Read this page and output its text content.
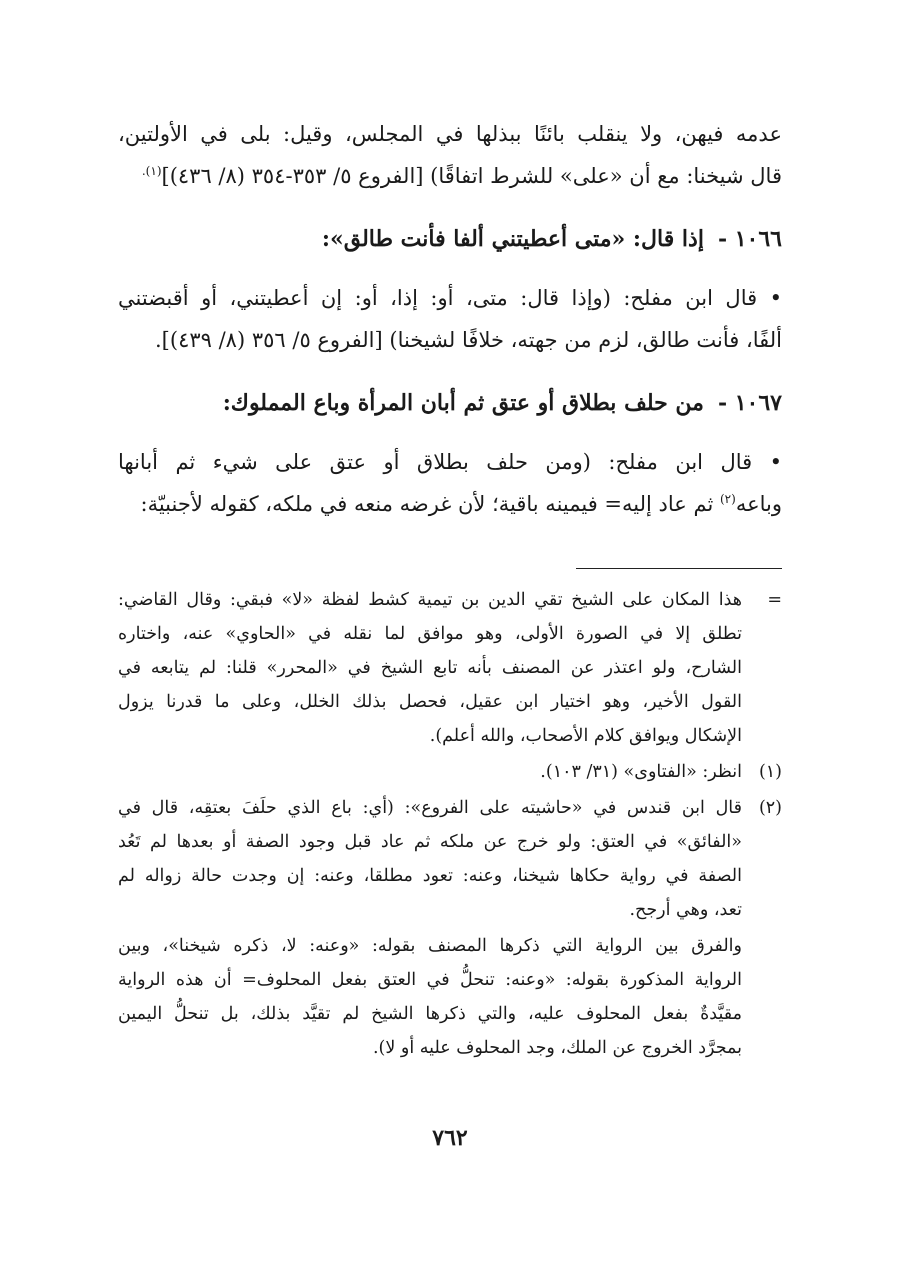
عدمه فيهن، ولا ينقلب بائنًا ببذلها في المجلس، وقيل: بلى في الأولتين،
قال شيخنا: مع أن «على» للشرط اتفاقًا) [الفروع ٥/ ٣٥٣-٣٥٤ (٨/ ٤٣٦)]$^{(١).}$
١٠٦٦ -إذا قال: «متى أعطيتني ألفا فأنت طالق»:
• قال ابن مفلح: (وإذا قال: متى، أو: إذا، أو: إن أعطيتني، أو أقبضتني
ألفًا، فأنت طالق، لزم من جهته، خلافًا لشيخنا) [الفروع ٥/ ٣٥٦ (٨/ ٤٣٩)].
١٠٦٧ -من حلف بطلاق أو عتق ثم أبان المرأة وباع المملوك:
• قال ابن مفلح: (ومن حلف بطلاق أو عتق على شيء ثم أبانها
وباعه$^{(٢)}$ ثم عاد إليه= فيمينه باقية؛ لأن غرضه منعه في ملكه، كقوله لأجنبيّة:
=
هذا المكان على الشيخ تقي الدين بن تيمية كشط لفظة «لا» فبقي: وقال القاضي:
تطلق إلا في الصورة الأولى، وهو موافق لما نقله في «الحاوي» عنه، واختاره
الشارح، ولو اعتذر عن المصنف بأنه تابع الشيخ في «المحرر» قلنا: لم يتابعه في
القول الأخير، وهو اختيار ابن عقيل، فحصل بذلك الخلل، وعلى ما قدرنا يزول
الإشكال ويوافق كلام الأصحاب، والله أعلم).
(١)
انظر: «الفتاوى» (٣١/ ١٠٣).
(٢)
قال ابن قندس في «حاشيته على الفروع»: (أي: باع الذي حلَفَ بعتقِه، قال في
«الفائق» في العتق: ولو خرج عن ملكه ثم عاد قبل وجود الصفة أو بعدها لم تَعُد
الصفة في رواية حكاها شيخنا، وعنه: تعود مطلقا، وعنه: إن وجدت حالة زواله لم
تعد، وهي أرجح.
والفرق بين الرواية التي ذكرها المصنف بقوله: «وعنه: لا، ذكره شيخنا»، وبين
الرواية المذكورة بقوله: «وعنه: تنحلُّ في العتق بفعل المحلوف= أن هذه الرواية
مقيَّدةٌ بفعل المحلوف عليه، والتي ذكرها الشيخ لم تقيَّد بذلك، بل تنحلُّ اليمين
بمجرَّد الخروج عن الملك، وجد المحلوف عليه أو لا).
٧٦٢
